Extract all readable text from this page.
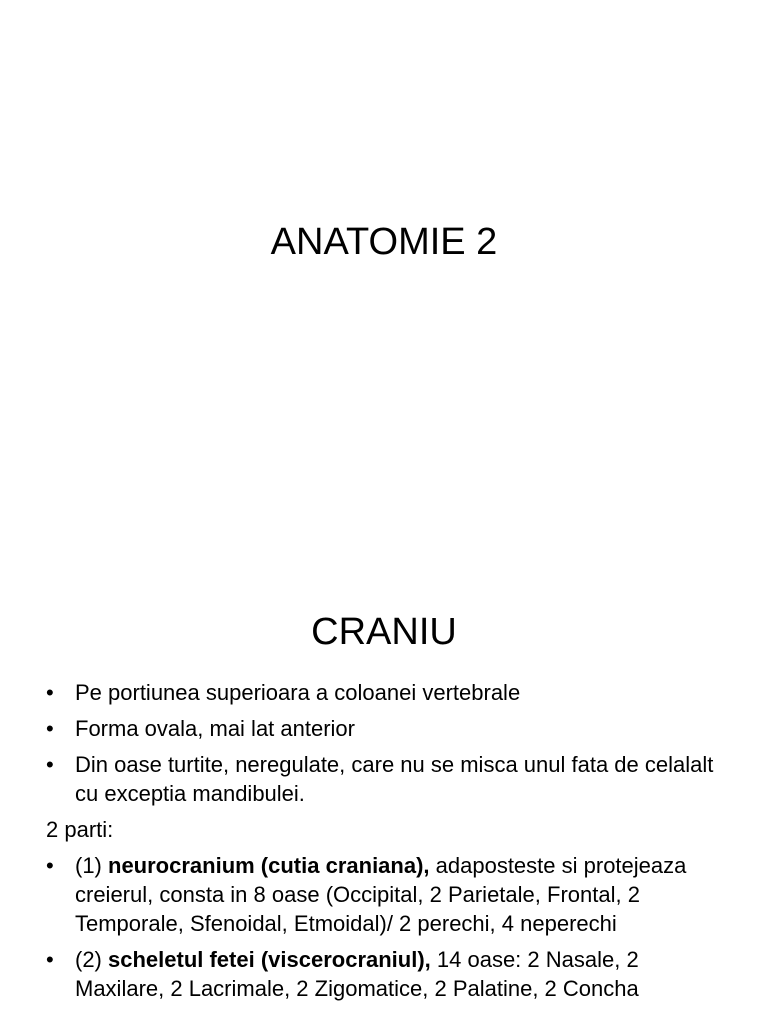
ANATOMIE 2
CRANIU
• Pe portiunea superioara a coloanei vertebrale
• Forma ovala, mai lat anterior
• Din oase turtite, neregulate, care nu se misca unul fata de celalalt cu exceptia mandibulei.

2 parti:

• (1) neurocranium (cutia craniana), adaposteste si protejeaza creierul, consta in 8 oase (Occipital, 2 Parietale, Frontal, 2 Temporale, Sfenoidal, Etmoidal)/ 2 perechi, 4 neperechi
• (2) scheletul fetei (viscerocraniul), 14 oase: 2 Nasale, 2 Maxilare, 2 Lacrimale, 2 Zigomatice, 2 Palatine, 2 Concha
